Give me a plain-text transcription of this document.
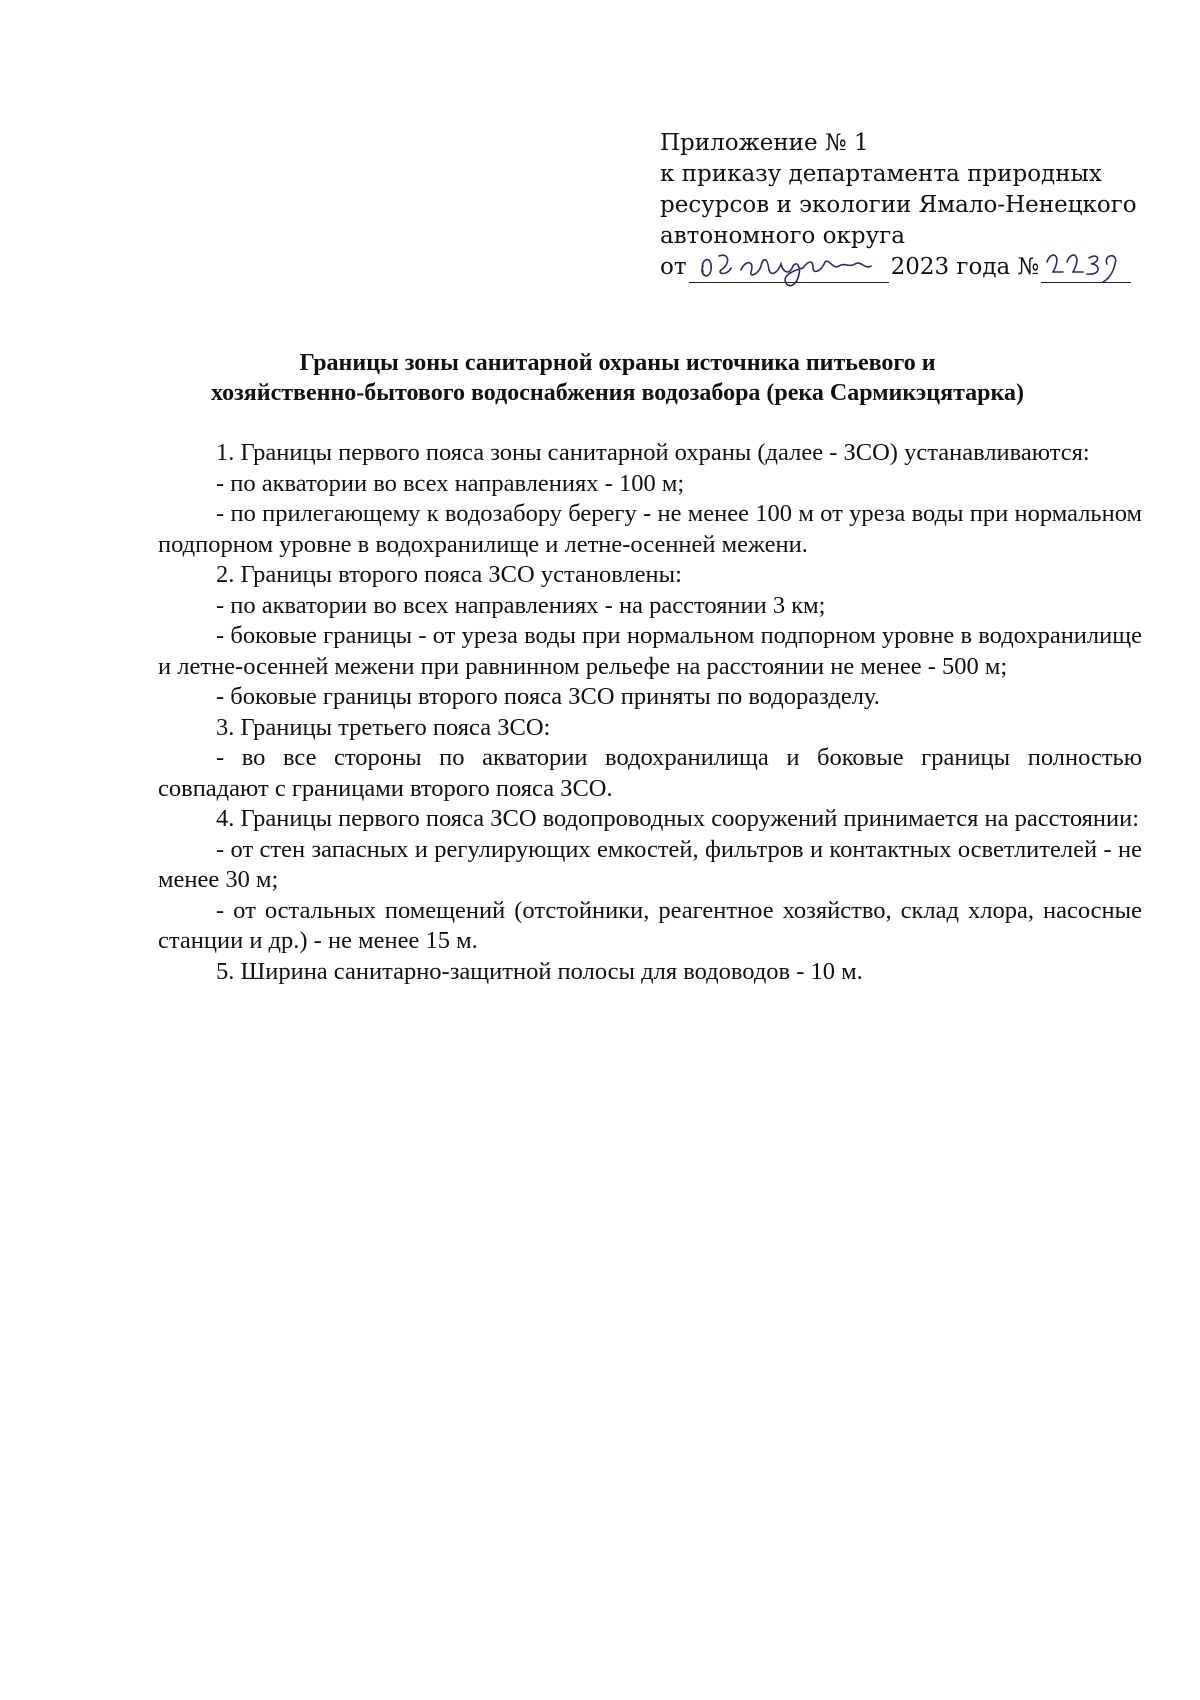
Приложение № 1
к приказу департамента природных
ресурсов и экологии Ямало-Ненецкого
автономного округа
от	2023 года №
Границы зоны санитарной охраны источника питьевого и
хозяйственно-бытового водоснабжения водозабора (река Сармикэцятарка)

1. Границы первого пояса зоны санитарной охраны (далее - ЗСО) устанавливаются:

- по акватории во всех направлениях - 100 м;

- по прилегающему к водозабору берегу - не менее 100 м от уреза воды при нормальном подпорном уровне в водохранилище и летне-осенней межени.

2. Границы второго пояса ЗСО установлены:

- по акватории во всех направлениях - на расстоянии 3 км;

- боковые границы - от уреза воды при нормальном подпорном уровне в водохранилище и летне-осенней межени при равнинном рельефе на расстоянии не менее - 500 м;

- боковые границы второго пояса ЗСО приняты по водоразделу.

3. Границы третьего пояса ЗСО:

- во все стороны по акватории водохранилища и боковые границы полностью совпадают с границами второго пояса ЗСО.

4. Границы первого пояса ЗСО водопроводных сооружений принимается на расстоянии:

- от стен запасных и регулирующих емкостей, фильтров и контактных осветлителей - не менее 30 м;

- от остальных помещений (отстойники, реагентное хозяйство, склад хлора, насосные станции и др.) - не менее 15 м.

5. Ширина санитарно-защитной полосы для водоводов - 10 м.
